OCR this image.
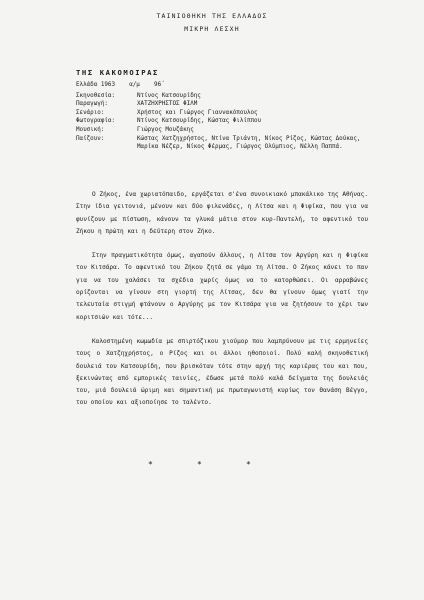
ΤΑΙΝΙΟΘΗΚΗ ΤΗΣ ΕΛΛΑΔΟΣ
ΜΙΚΡΗ ΛΕΣΧΗ
ΤΗΣ ΚΑΚΟΜΟΙΡΑΣ
Ελλάδα 1963 α/μ 96΄
Σκηνοθεσία:	Ντίνος Κατσουρίδης
Παραγωγή:	ΧΑΤΖΗΧΡΗΣΤΟΣ ΦΙΛΜ
Σενάριο:	Χρήστος και Γιώργος Γιαννακόπουλος
Φωτογραφία:	Ντίνος Κατσουρίδης, Κώστας Φιλίππου
Μουσική:	Γιώργος Μουζάκης
Παίζουν:	Κώστας Χατζηχρήστος, Ντίνα Τριάντη, Νίκος Ρίζος, Κώστας Δούκας, Μαρίκα Νέζερ, Νίκος Φέρμας, Γιώργος Ολύμπιος, Νέλλη Παππά.

Ο Ζήκος, ένα χωριατόπαιδο, εργάζεται σ'ένα συνοικιακό μπακάλικο της Αθήνας. Στην ίδια γειτονιά, μένουν και δύο φιλενάδες, η Λίτσα και η Φιφίκα, που για να φυνίζουν με πίστωση, κάνουν τα γλυκά μάτια στον κυρ-Παντελή, το αφεντικό του Ζήκου η πρώτη και η δεύτερη στον Ζήκο.

Στην πραγματικότητα όμως, αγαπούν άλλους, η Λίτσα τον Αργύρη και η Φιφίκα τον Κιτσάρα. Το αφεντικό του Ζήκου ζητά σε γάμο τη Λίτσα. Ο Ζήκος κάνει το παν για να του χαλάσει τα σχέδια χωρίς όμως να το κατορθώσει. Οι αρραβώνες ορίζονται να γίνουν στη γιορτή της Λίτσας, δεν θα γίνουν όμως γιατί την τελευταία στιγμή φτάνουν ο Αργύρης με τον Κιτσάρα για να ζητήσουν το χέρι των κοριτσιών και τότε...

Καλοστημένη κωμωδία με σπιρτόζικου χιούμορ που λαμπρύνουν με τις ερμηνείες τους ο Χατζηχρήστος, ο Ρίζος και οι άλλοι ηθοποιοί. Πολύ καλή σκηνοθετική δουλειά του Κατσουρίδη, που βρισκόταν τότε στην αρχή της καριέρας του και που, ξεκινώντας από εμπορικές ταινίες, έδωσε μετά πολύ καλά δείγματα της δουλειάς του, μιά δουλειά ώριμη και σημαντική με πρωταγωνιστή κυρίως τον Θανάση Βέγγο, του οποίου και αξιοποίησε το ταλέντο.

*	*	*
